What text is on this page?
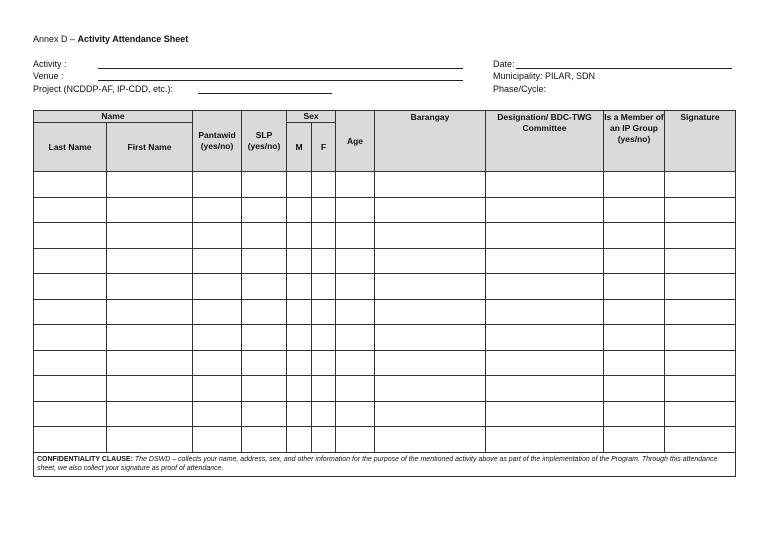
Annex D – Activity Attendance Sheet
Activity :
Venue :
Project (NCDDP-AF, IP-CDD, etc.):
Date:
Municipality: PILAR, SDN
Phase/Cycle:
Name		Pantawid (yes/no)	SLP (yes/no)	Sex		Age	Barangay	Designation/ BDC-TWG Committee	Is a Member of an IP Group (yes/no)	Signature
Last Name	First Name			M	F					

CONFIDENTIALITY CLAUSE: The DSWD – collects your name, address, sex, and other information for the purpose of the mentioned activity above as part of the implementation of the Program. Through this attendance sheet, we also collect your signature as proof of attendance.										
